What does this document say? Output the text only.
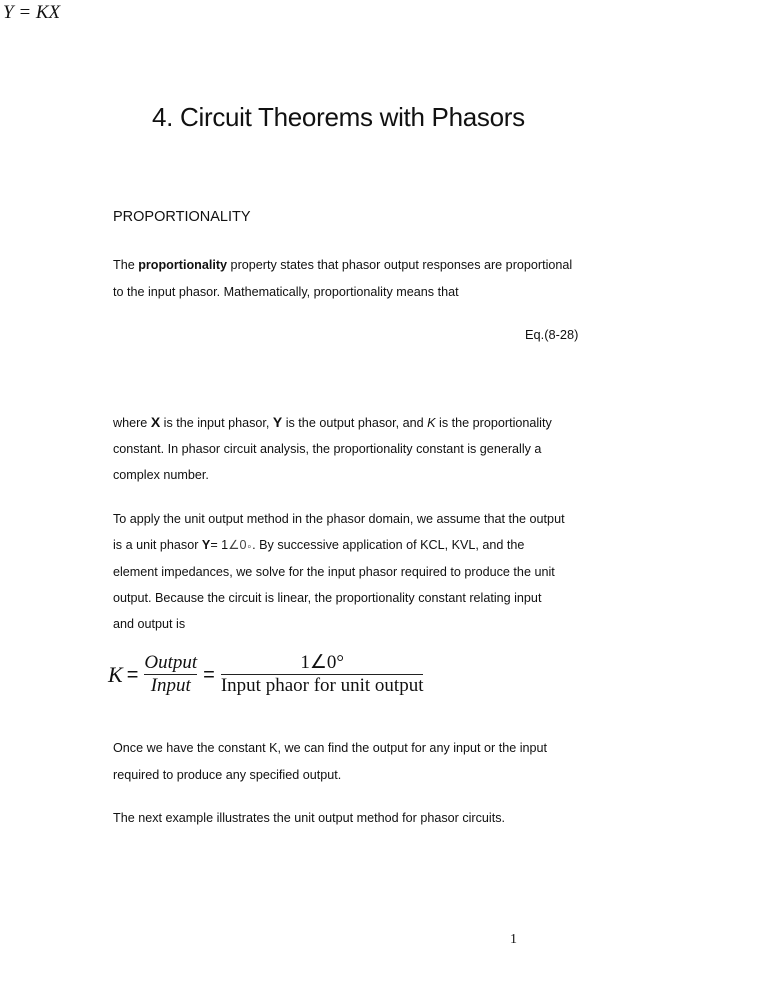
Y = KX
4. Circuit Theorems with Phasors
PROPORTIONALITY
The proportionality property states that phasor output responses are proportional
to the input phasor. Mathematically, proportionality means that
Eq.(8-28)
where X is the input phasor, Y is the output phasor, and K is the proportionality
constant. In phasor circuit analysis, the proportionality constant is generally a
complex number.
To apply the unit output method in the phasor domain, we assume that the output
is a unit phasor Y= 1∠0∘. By successive application of KCL, KVL, and the
element impedances, we solve for the input phasor required to produce the unit
output. Because the circuit is linear, the proportionality constant relating input
and output is
$K = \frac{\text{Output}}{\text{Input}} = \frac{1\angle 0^\circ}{\text{Input phaor for unit output}}$
Once we have the constant K, we can find the output for any input or the input
required to produce any specified output.
The next example illustrates the unit output method for phasor circuits.
1
